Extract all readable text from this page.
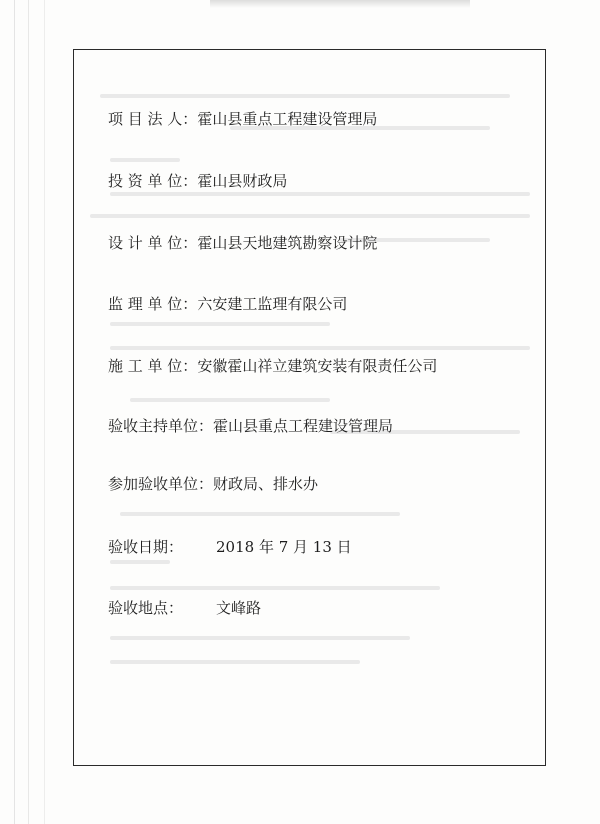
项 目 法 人：霍山县重点工程建设管理局
投 资 单 位：霍山县财政局
设 计 单 位：霍山县天地建筑勘察设计院
监 理 单 位：六安建工监理有限公司
施 工 单 位：安徽霍山祥立建筑安装有限责任公司
验收主持单位：霍山县重点工程建设管理局
参加验收单位：财政局、排水办
验收日期： 2018 年 7 月 13 日
验收地点： 文峰路
